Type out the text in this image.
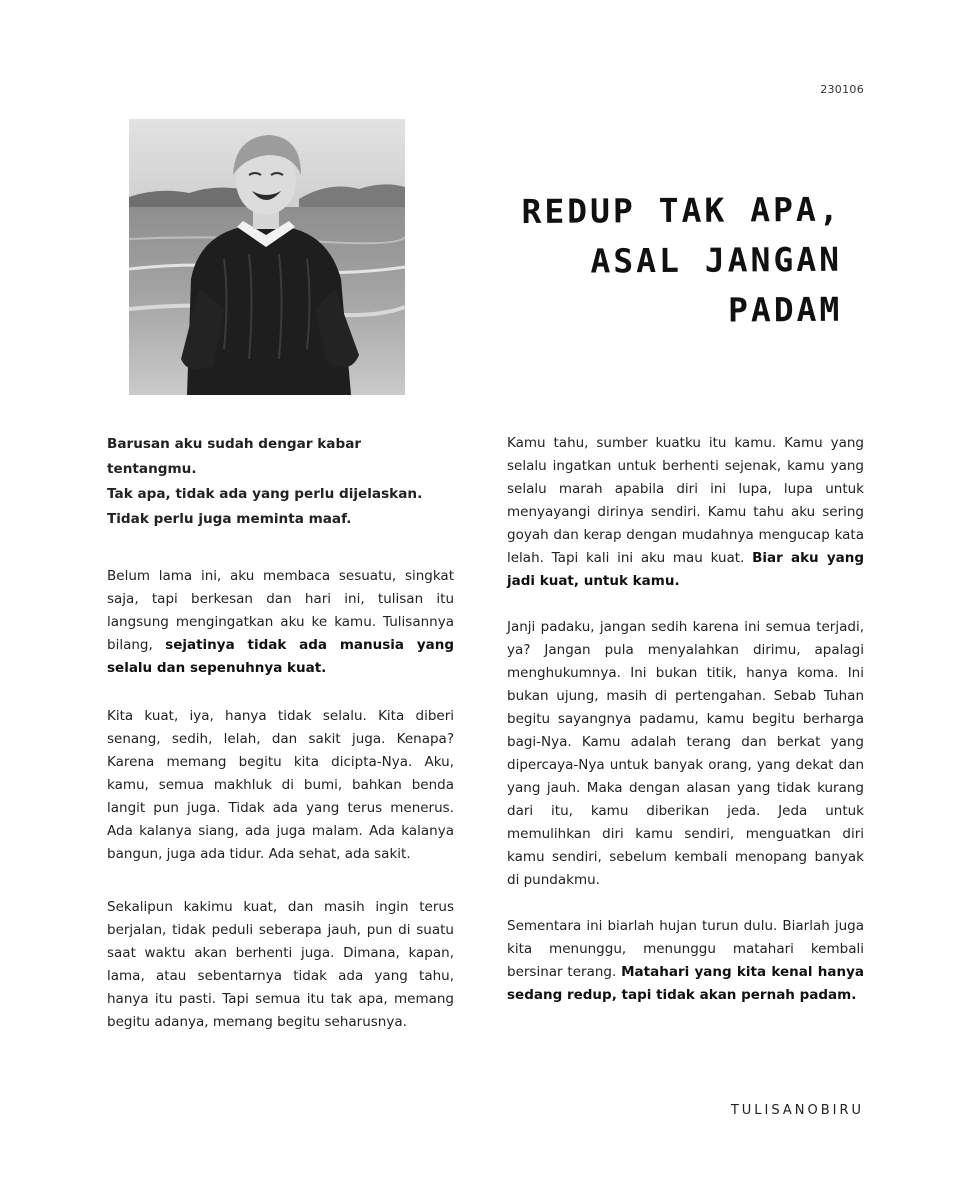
230106
REDUP TAK APA,
ASAL JANGAN
PADAM

Barusan aku sudah dengar kabar tentangmu.
Tak apa, tidak ada yang perlu dijelaskan.
Tidak perlu juga meminta maaf.

Belum lama ini, aku membaca sesuatu, singkat saja, tapi berkesan dan hari ini, tulisan itu langsung mengingatkan aku ke kamu. Tulisannya bilang, sejatinya tidak ada manusia yang selalu dan sepenuhnya kuat.

Kita kuat, iya, hanya tidak selalu. Kita diberi senang, sedih, lelah, dan sakit juga. Kenapa? Karena memang begitu kita dicipta-Nya. Aku, kamu, semua makhluk di bumi, bahkan benda langit pun juga. Tidak ada yang terus menerus. Ada kalanya siang, ada juga malam. Ada kalanya bangun, juga ada tidur. Ada sehat, ada sakit.

Sekalipun kakimu kuat, dan masih ingin terus berjalan, tidak peduli seberapa jauh, pun di suatu saat waktu akan berhenti juga. Dimana, kapan, lama, atau sebentarnya tidak ada yang tahu, hanya itu pasti. Tapi semua itu tak apa, memang begitu adanya, memang begitu seharusnya.

Kamu tahu, sumber kuatku itu kamu. Kamu yang selalu ingatkan untuk berhenti sejenak, kamu yang selalu marah apabila diri ini lupa, lupa untuk menyayangi dirinya sendiri. Kamu tahu aku sering goyah dan kerap dengan mudahnya mengucap kata lelah. Tapi kali ini aku mau kuat. Biar aku yang jadi kuat, untuk kamu.

Janji padaku, jangan sedih karena ini semua terjadi, ya? Jangan pula menyalahkan dirimu, apalagi menghukumnya. Ini bukan titik, hanya koma. Ini bukan ujung, masih di pertengahan. Sebab Tuhan begitu sayangnya padamu, kamu begitu berharga bagi-Nya. Kamu adalah terang dan berkat yang dipercaya-Nya untuk banyak orang, yang dekat dan yang jauh. Maka dengan alasan yang tidak kurang dari itu, kamu diberikan jeda. Jeda untuk memulihkan diri kamu sendiri, menguatkan diri kamu sendiri, sebelum kembali menopang banyak di pundakmu.

Sementara ini biarlah hujan turun dulu. Biarlah juga kita menunggu, menunggu matahari kembali bersinar terang. Matahari yang kita kenal hanya sedang redup, tapi tidak akan pernah padam.

TULISANOBIRU
